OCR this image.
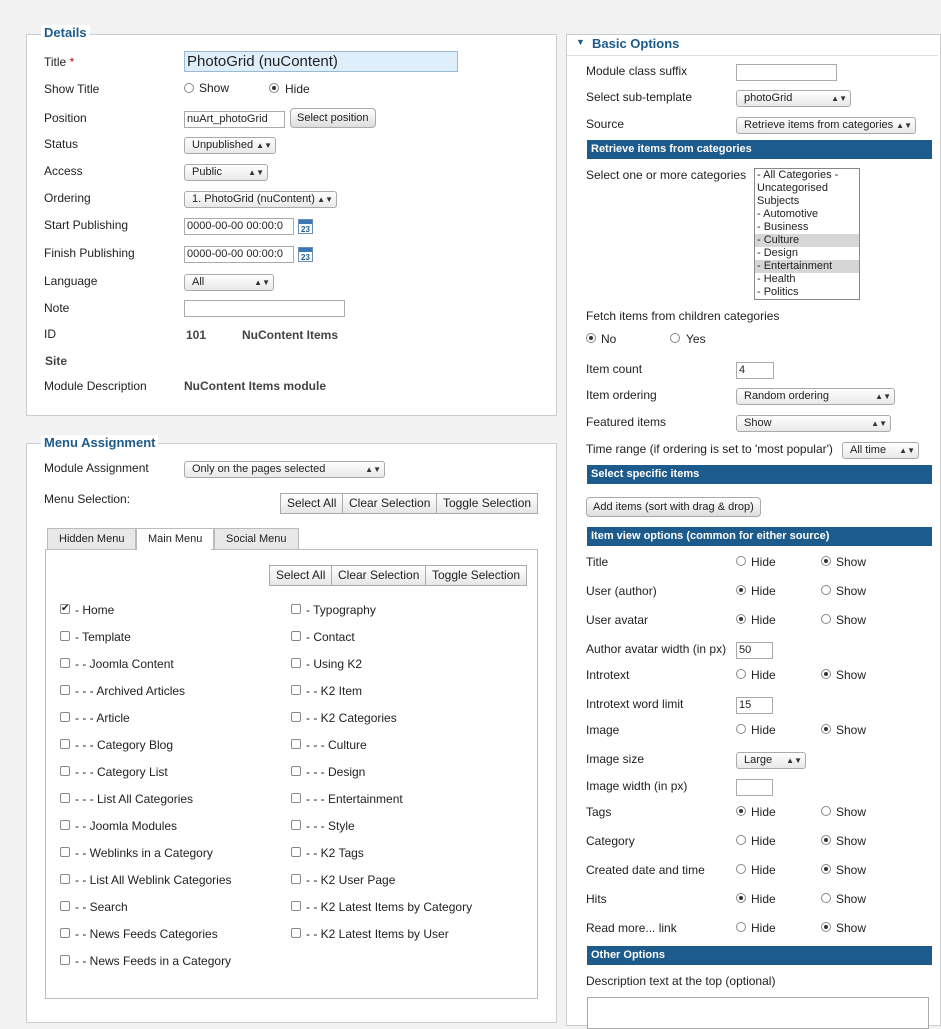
Details
Menu Assignment
▼ Basic Options
Title *	PhotoGrid (nuContent)
Show Title	Show	Hide
Position	nuArt_photoGrid	Select position
Status	Unpublished ▲▼
Access	Public	▲▼
Ordering	1. PhotoGrid (nuContent) ▲▼
Start Publishing	0000-00-00 00:00:0	23
Finish Publishing	0000-00-00 00:00:0	23
Language	All	▲▼
Note
ID	101	NuContent Items
Site
Module Description	NuContent Items module
Module Assignment	Only on the pages selected	▲▼
Menu Selection:	Select All	Clear Selection	Toggle Selection
Hidden Menu	Main Menu	Social Menu
Select All	Clear Selection	Toggle Selection
✔ - Home
- Template
- - Joomla Content
- - - Archived Articles
- - - Article
- - - Category Blog
- - - Category List
- - - List All Categories
- - Joomla Modules
- - Weblinks in a Category
- - List All Weblink Categories
- - Search
- - News Feeds Categories
- - News Feeds in a Category
- Typography
- Contact
- Using K2
- - K2 Item
- - K2 Categories
- - - Culture
- - - Design
- - - Entertainment
- - - Style
- - K2 Tags
- - K2 User Page
- - K2 Latest Items by Category
- - K2 Latest Items by User
Module class suffix
Select sub-template	photoGrid	▲▼
Source	Retrieve items from categories ▲▼
Retrieve items from categories
Select one or more categories - All Categories -
Uncategorised
Subjects
- Automotive
- Business
- Culture
- Design
- Entertainment
- Health
- Politics
Fetch items from children categories
No	Yes
Item count	4
Item ordering	Random ordering	▲▼
Featured items	Show	▲▼
Time range (if ordering is set to 'most popular')	All time ▲▼
Select specific items
Add items (sort with drag & drop)
Item view options (common for either source)
Title	Hide	Show
User (author)	Hide	Show
User avatar	Hide	Show
Introtext	Hide	Show
Image	Hide	Show
Tags	Hide	Show
Category	Hide	Show
Created date and time	Hide	Show
Hits	Hide	Show
Read more... link	Hide	Show
Author avatar width (in px) 50
Introtext word limit	15
Image size	Large ▲▼
Image width (in px)
Other Options
Description text at the top (optional)
